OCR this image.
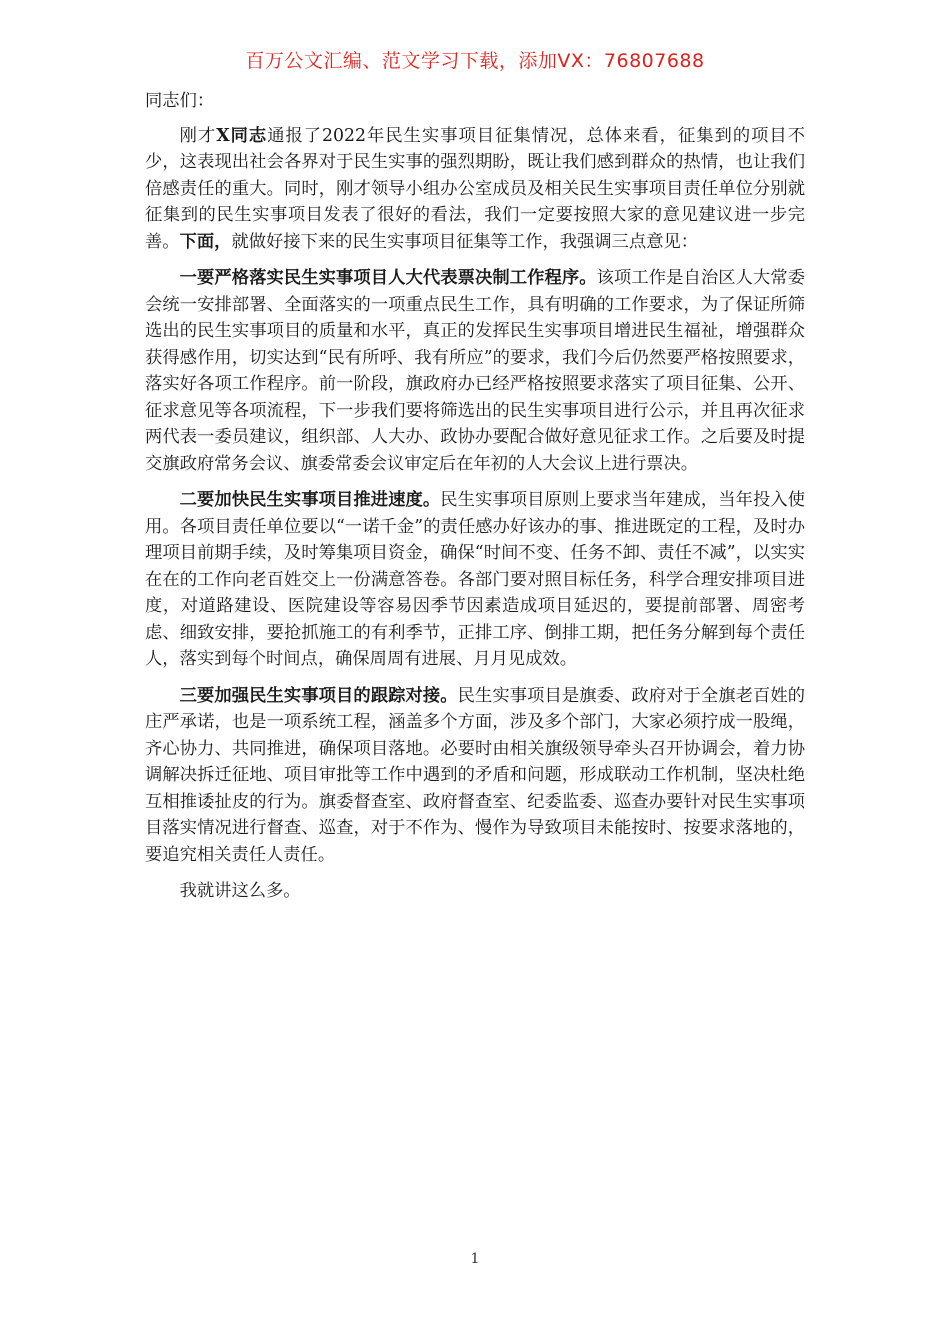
百万公文汇编、范文学习下载，添加VX：76807688

同志们：

刚才X同志通报了2022年民生实事项目征集情况，总体来看，征集到的项目不少，这表现出社会各界对于民生实事的强烈期盼，既让我们感到群众的热情，也让我们倍感责任的重大。同时，刚才领导小组办公室成员及相关民生实事项目责任单位分别就征集到的民生实事项目发表了很好的看法，我们一定要按照大家的意见建议进一步完善。下面，就做好接下来的民生实事项目征集等工作，我强调三点意见：

一要严格落实民生实事项目人大代表票决制工作程序。该项工作是自治区人大常委会统一安排部署、全面落实的一项重点民生工作，具有明确的工作要求，为了保证所筛选出的民生实事项目的质量和水平，真正的发挥民生实事项目增进民生福祉，增强群众获得感作用，切实达到“民有所呼、我有所应”的要求，我们今后仍然要严格按照要求，落实好各项工作程序。前一阶段，旗政府办已经严格按照要求落实了项目征集、公开、征求意见等各项流程，下一步我们要将筛选出的民生实事项目进行公示，并且再次征求两代表一委员建议，组织部、人大办、政协办要配合做好意见征求工作。之后要及时提交旗政府常务会议、旗委常委会议审定后在年初的人大会议上进行票决。

二要加快民生实事项目推进速度。民生实事项目原则上要求当年建成，当年投入使用。各项目责任单位要以“一诺千金”的责任感办好该办的事、推进既定的工程，及时办理项目前期手续，及时筹集项目资金，确保“时间不变、任务不卸、责任不减”，以实实在在的工作向老百姓交上一份满意答卷。各部门要对照目标任务，科学合理安排项目进度，对道路建设、医院建设等容易因季节因素造成项目延迟的，要提前部署、周密考虑、细致安排，要抢抓施工的有利季节，正排工序、倒排工期，把任务分解到每个责任人，落实到每个时间点，确保周周有进展、月月见成效。

三要加强民生实事项目的跟踪对接。民生实事项目是旗委、政府对于全旗老百姓的庄严承诺，也是一项系统工程，涵盖多个方面，涉及多个部门，大家必须拧成一股绳，齐心协力、共同推进，确保项目落地。必要时由相关旗级领导牵头召开协调会，着力协调解决拆迁征地、项目审批等工作中遇到的矛盾和问题，形成联动工作机制，坚决杜绝互相推诿扯皮的行为。旗委督查室、政府督查室、纪委监委、巡查办要针对民生实事项目落实情况进行督查、巡查，对于不作为、慢作为导致项目未能按时、按要求落地的，要追究相关责任人责任。

我就讲这么多。

1
